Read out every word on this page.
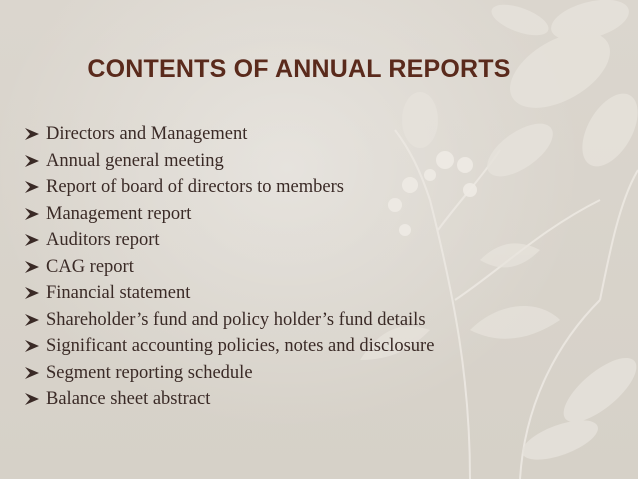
CONTENTS OF ANNUAL REPORTS
Directors and Management
Annual general meeting
Report of board of directors to members
Management report
Auditors report
CAG report
Financial statement
Shareholder’s fund and policy holder’s fund details
Significant accounting policies, notes and disclosure
Segment reporting schedule
Balance sheet abstract
